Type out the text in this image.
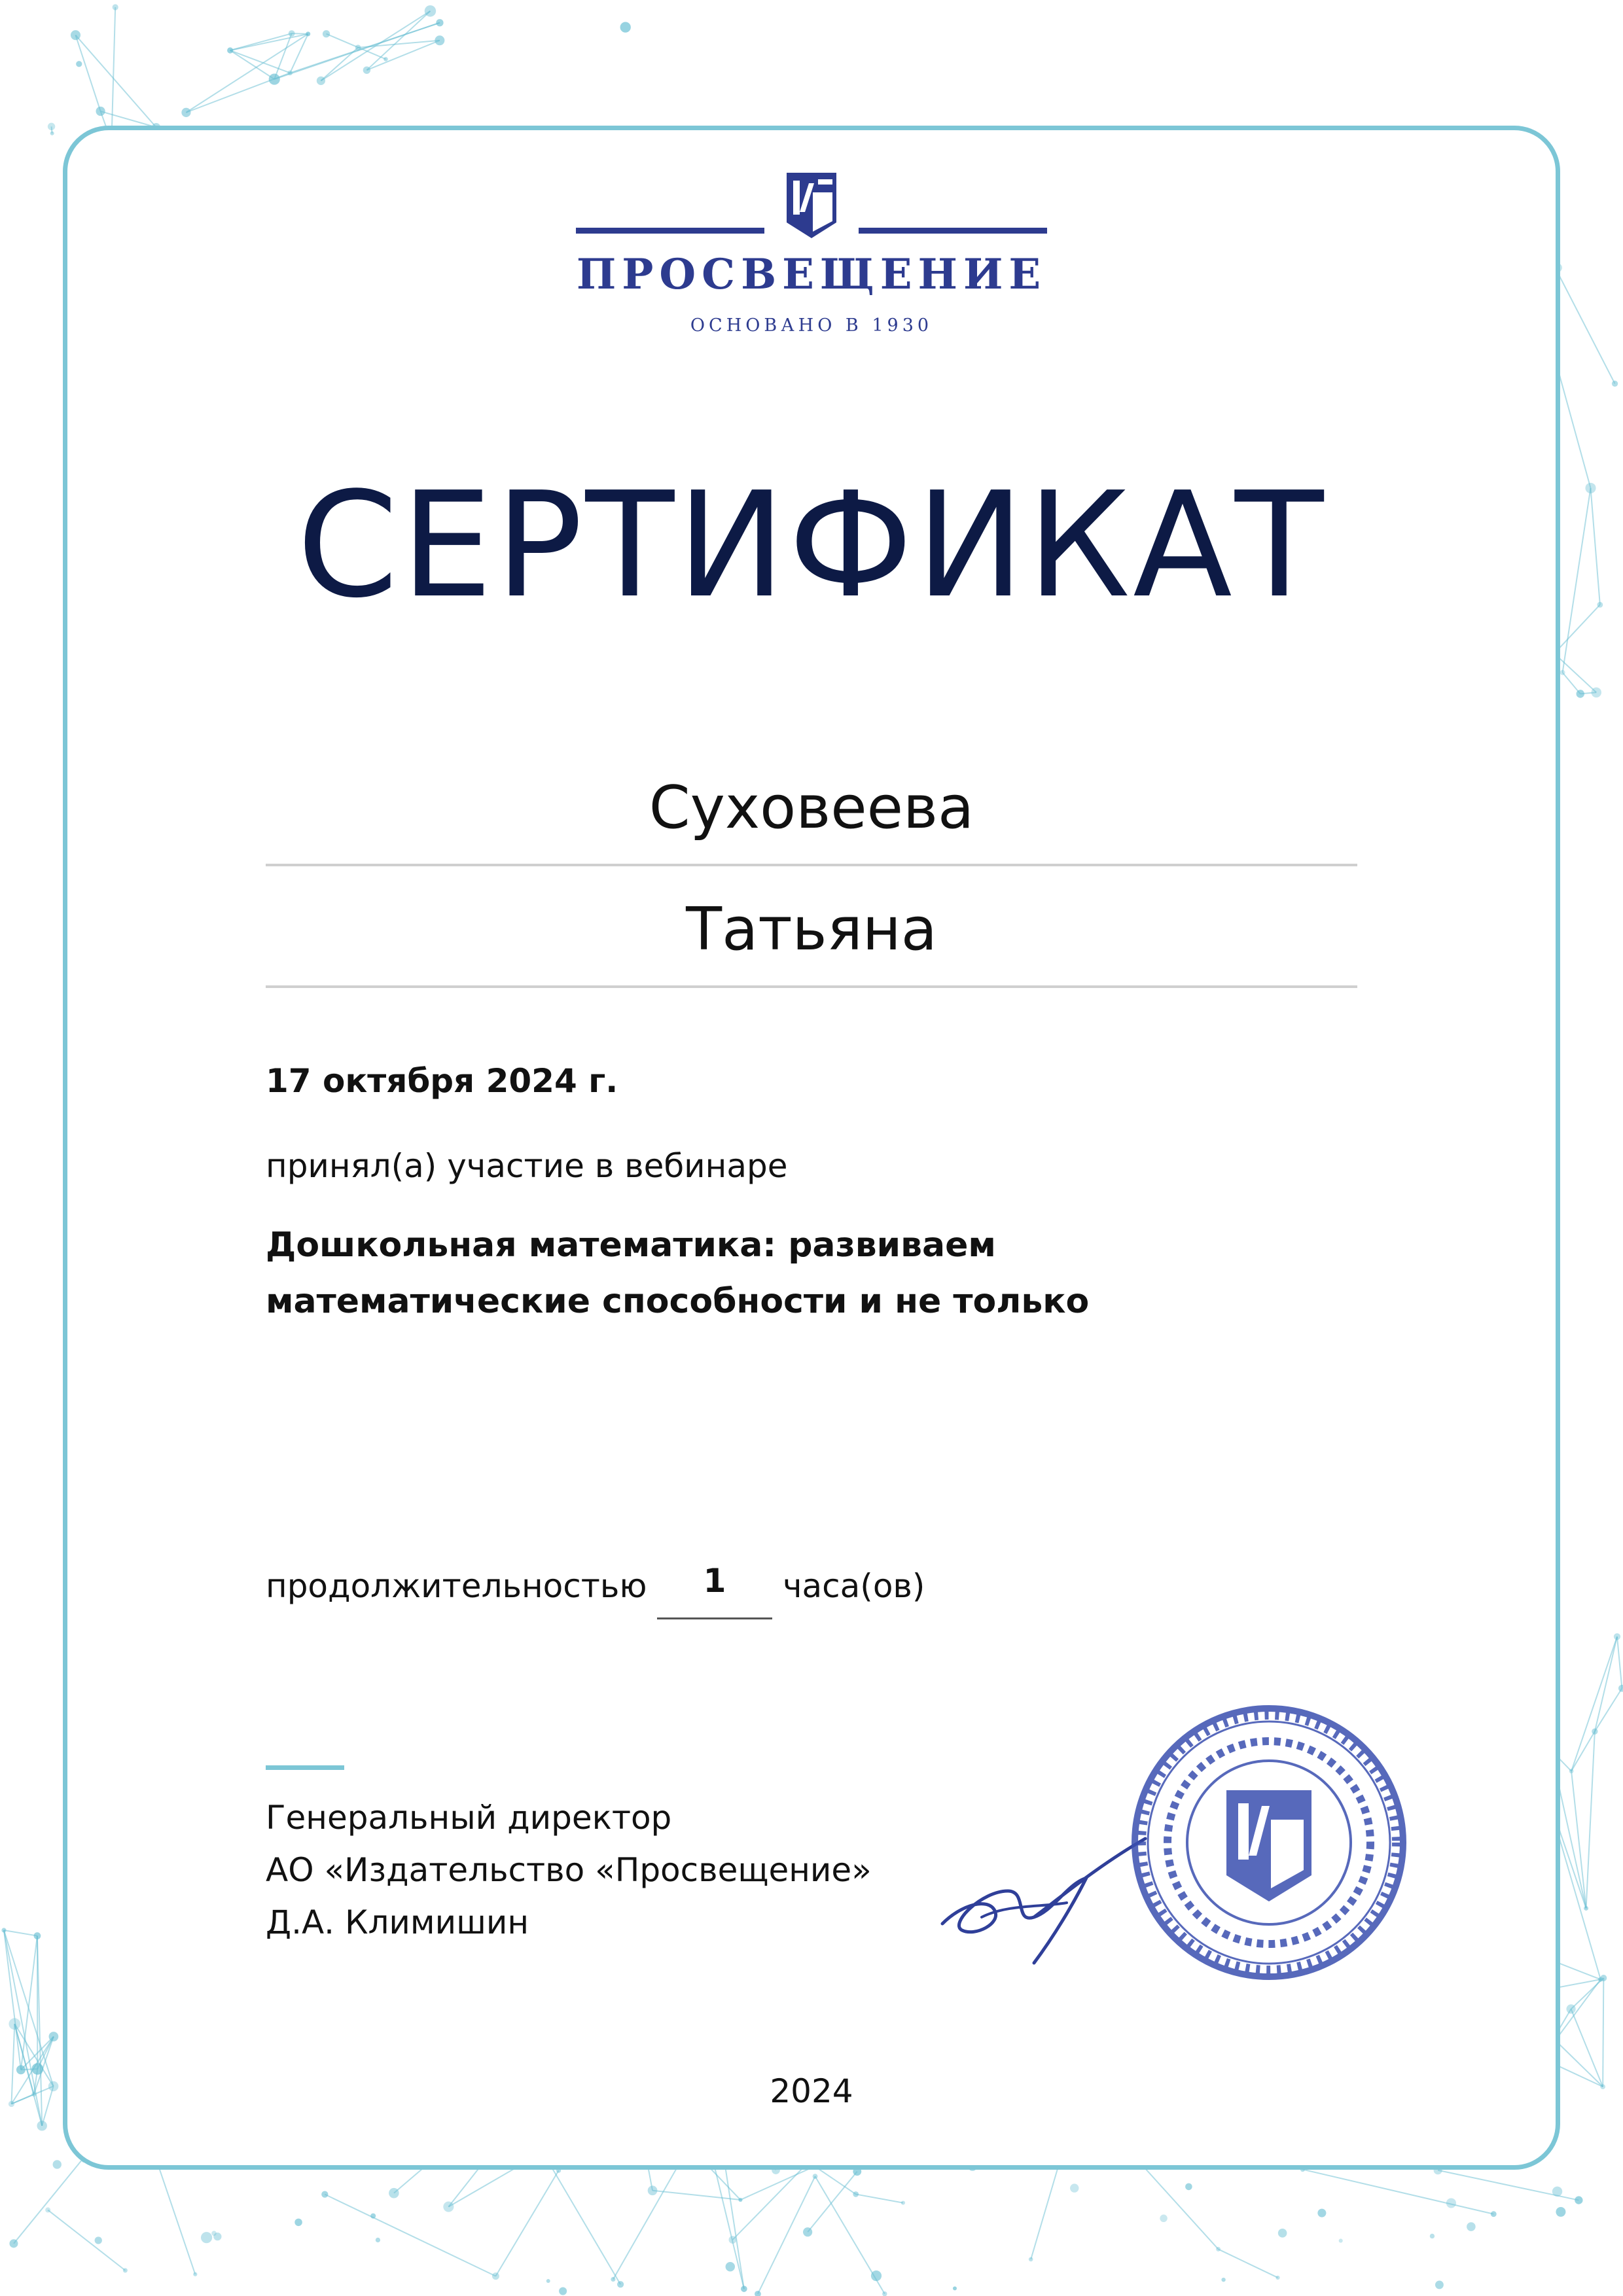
ПРОСВЕЩЕНИЕ
ОСНОВАНО В 1930
СЕРТИФИКАТ
Суховеева
Татьяна
17 октября 2024 г.
принял(а) участие в вебинаре
Дошкольная математика: развиваем
математические способности и не только
продолжительностью	1	часа(ов)
Генеральный директор
АО «Издательство «Просвещение»
Д.А. Климишин
2024
